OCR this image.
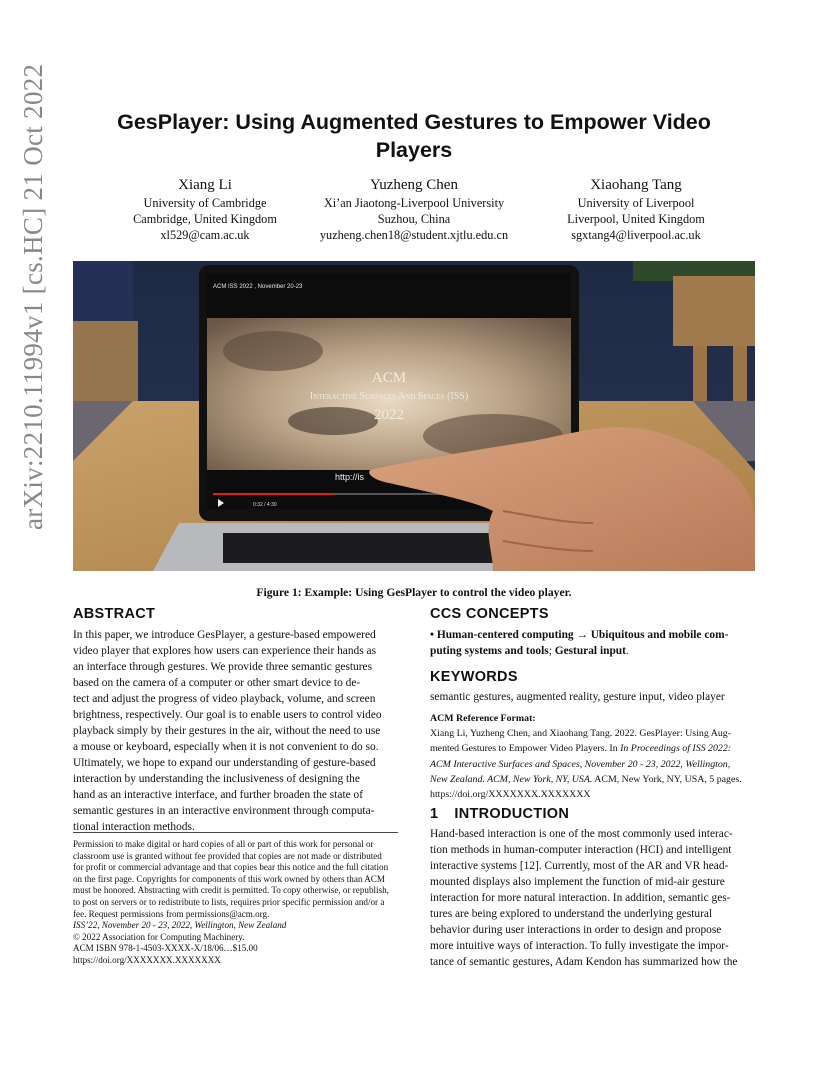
arXiv:2210.11994v1 [cs.HC] 21 Oct 2022	GesPlayer: Using Augmented Gestures to Empower Video Players
Xiang Li
University of Cambridge
Cambridge, United Kingdom
xl529@cam.ac.uk
Yuzheng Chen
Xi’an Jiaotong-Liverpool University
Suzhou, China
yuzheng.chen18@student.xjtlu.edu.cn
Xiaohang Tang
University of Liverpool
Liverpool, United Kingdom
sgxtang4@liverpool.ac.uk
ACM ISS 2022 , November 20-23
ACM
Interactive Surfaces And Spaces (ISS)
2022
http://is
0:32 / 4:30
Figure 1: Example: Using GesPlayer to control the video player.
ABSTRACT
In this paper, we introduce GesPlayer, a gesture-based empowered
video player that explores how users can experience their hands as
an interface through gestures. We provide three semantic gestures
based on the camera of a computer or other smart device to de-
tect and adjust the progress of video playback, volume, and screen
brightness, respectively. Our goal is to enable users to control video
playback simply by their gestures in the air, without the need to use
a mouse or keyboard, especially when it is not convenient to do so.
Ultimately, we hope to expand our understanding of gesture-based
interaction by understanding the inclusiveness of designing the
hand as an interactive interface, and further broaden the state of
semantic gestures in an interactive environment through computa-
tional interaction methods.
Permission to make digital or hard copies of all or part of this work for personal or
classroom use is granted without fee provided that copies are not made or distributed
for profit or commercial advantage and that copies bear this notice and the full citation
on the first page. Copyrights for components of this work owned by others than ACM
must be honored. Abstracting with credit is permitted. To copy otherwise, or republish,
to post on servers or to redistribute to lists, requires prior specific permission and/or a
fee. Request permissions from permissions@acm.org.
ISS’22, November 20 - 23, 2022, Wellington, New Zealand
© 2022 Association for Computing Machinery.
ACM ISBN 978-1-4503-XXXX-X/18/06…$15.00
https://doi.org/XXXXXXX.XXXXXXX
CCS CONCEPTS
• Human-centered computing → Ubiquitous and mobile com-
puting systems and tools; Gestural input.
KEYWORDS
semantic gestures, augmented reality, gesture input, video player
ACM Reference Format:
Xiang Li, Yuzheng Chen, and Xiaohang Tang. 2022. GesPlayer: Using Aug-
mented Gestures to Empower Video Players. In In Proceedings of ISS 2022:
ACM Interactive Surfaces and Spaces, November 20 - 23, 2022, Wellington,
New Zealand. ACM, New York, NY, USA. ACM, New York, NY, USA, 5 pages.
https://doi.org/XXXXXXX.XXXXXXX
1 INTRODUCTION
Hand-based interaction is one of the most commonly used interac-
tion methods in human-computer interaction (HCI) and intelligent
interactive systems [12]. Currently, most of the AR and VR head-
mounted displays also implement the function of mid-air gesture
interaction for more natural interaction. In addition, semantic ges-
tures are being explored to understand the underlying gestural
behavior during user interactions in order to design and propose
more intuitive ways of interaction. To fully investigate the impor-
tance of semantic gestures, Adam Kendon has summarized how the
